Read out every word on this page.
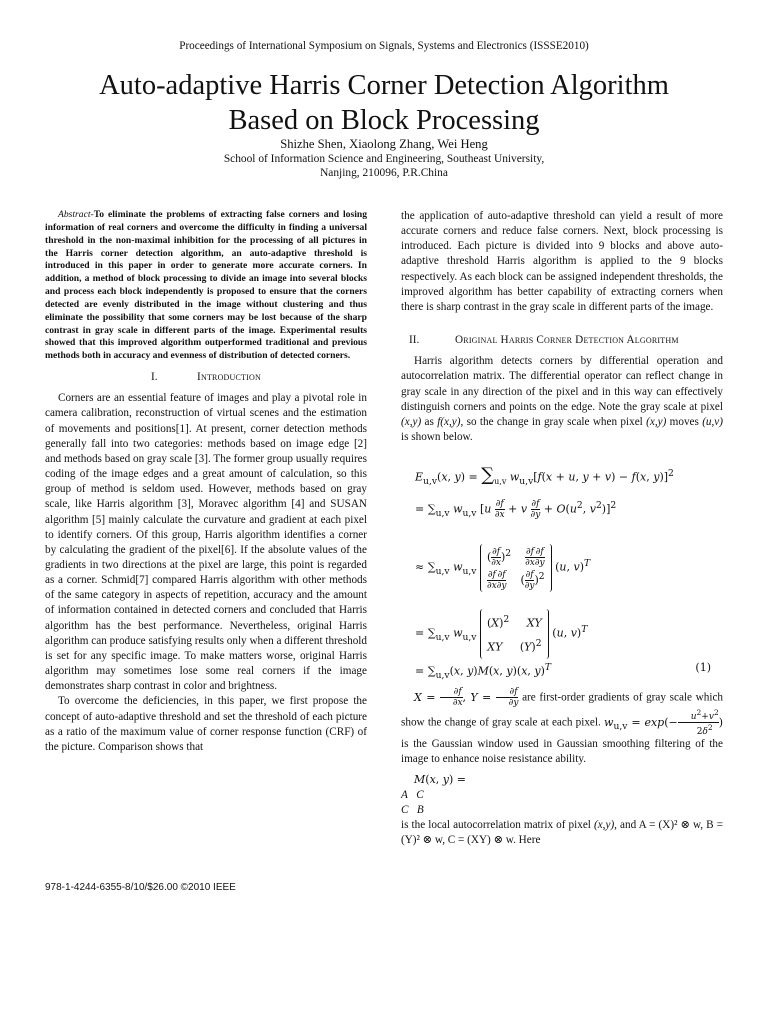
Proceedings of International Symposium on Signals, Systems and Electronics (ISSSE2010)
Auto-adaptive Harris Corner Detection Algorithm
Based on Block Processing
Shizhe Shen, Xiaolong Zhang, Wei Heng
School of Information Science and Engineering, Southeast University,
Nanjing, 210096, P.R.China

Abstract-To eliminate the problems of extracting false corners and losing information of real corners and overcome the difficulty in finding a universal threshold in the non-maximal inhibition for the processing of all pictures in the Harris corner detection algorithm, an auto-adaptive threshold is introduced in this paper in order to generate more accurate corners. In addition, a method of block processing to divide an image into several blocks and process each block independently is proposed to ensure that the corners detected are evenly distributed in the image without clustering and thus eliminate the possibility that some corners may be lost because of the sharp contrast in gray scale in different parts of the image. Experimental results showed that this improved algorithm outperformed traditional and previous methods both in accuracy and evenness of distribution of detected corners.

I.	Introduction

Corners are an essential feature of images and play a pivotal role in camera calibration, reconstruction of virtual scenes and the estimation of movements and positions[1]. At present, corner detection methods generally fall into two categories: methods based on image edge [2] and methods based on gray scale [3]. The former group usually requires coding of the image edges and a great amount of calculation, so this group of method is seldom used. However, methods based on gray scale, like Harris algorithm [3], Moravec algorithm [4] and SUSAN algorithm [5] mainly calculate the curvature and gradient at each pixel to identify corners. Of this group, Harris algorithm identifies a corner by calculating the gradient of the pixel[6]. If the absolute values of the gradients in two directions at the pixel are large, this point is regarded as a corner. Schmid[7] compared Harris algorithm with other methods of the same category in aspects of repetition, accuracy and the amount of information contained in detected corners and concluded that Harris algorithm has the best performance. Nevertheless, original Harris algorithm can produce satisfying results only when a different threshold is set for any specific image. To make matters worse, original Harris algorithm may sometimes lose some real corners if the image demonstrates sharp contrast in color and brightness.

To overcome the deficiencies, in this paper, we first propose the concept of auto-adaptive threshold and set the threshold of each picture as a ratio of the maximum value of corner response function (CRF) of the picture. Comparison shows that

the application of auto-adaptive threshold can yield a result of more accurate corners and reduce false corners. Next, block processing is introduced. Each picture is divided into 9 blocks and above auto-adaptive threshold Harris algorithm is applied to the 9 blocks respectively. As each block can be assigned independent thresholds, the improved algorithm has better capability of extracting corners when there is sharp contrast in the gray scale in different parts of the image.

II.	Original Harris Corner Detection Algorithm

Harris algorithm detects corners by differential operation and autocorrelation matrix. The differential operator can reflect change in gray scale in any direction of the pixel and in this way can effectively distinguish corners and points on the edge. Note the gray scale at pixel (x,y) as f(x,y), so the change in gray scale when pixel (x,y) moves (u,v) is shown below.

$E_{u,v}(x$, $y) = \sum_{u,v}$ $w_{u,v}[f(x + u$, y + v) − f(x, y)]$^2$
= $\sum_{u,v}$ $w_{u,v}$ [$u \frac{\partial f}{\partial x} + v \frac{\partial f}{\partial y} + O(u^2$, $v^2)]^2$
≈ $\sum_{u,v}$ $w_{u,v}$
( $\frac{\partial f}{\partial x} )^2 \frac{\partial f}{\partial x} \frac{\partial f}{\partial y}$
$\frac{\partial f}{\partial x} \frac{\partial f}{\partial y}$ ( $\frac{\partial f}{\partial y} )^2$
(u, v)$^T$
= $\sum_{u,v}$ $w_{u,v}$
$(X)^2$ XY
XY     $(Y)^2$
(u, v)$^T$
= $\sum_{u,v}(x$, y)M(x, y)(x, y)$^T$	(1)

$X = \frac{\partial f}{\partial x}$ , $Y = \frac{\partial f}{\partial y}$ are first-order gradients of gray scale which show the change of gray scale at each pixel. $w_{u,v} = \exp(- \frac{u^2+v^2}{2\delta^2}$ ) is the Gaussian window used in Gaussian smoothing filtering of the image to enhance noise resistance ability.

M(x, y) =

A C
C B
is the local autocorrelation matrix of pixel (x,y), and A = (X)² ⊗ w, B = (Y)² ⊗ w, C = (XY) ⊗ w. Here

978-1-4244-6355-8/10/$26.00 ©2010 IEEE
